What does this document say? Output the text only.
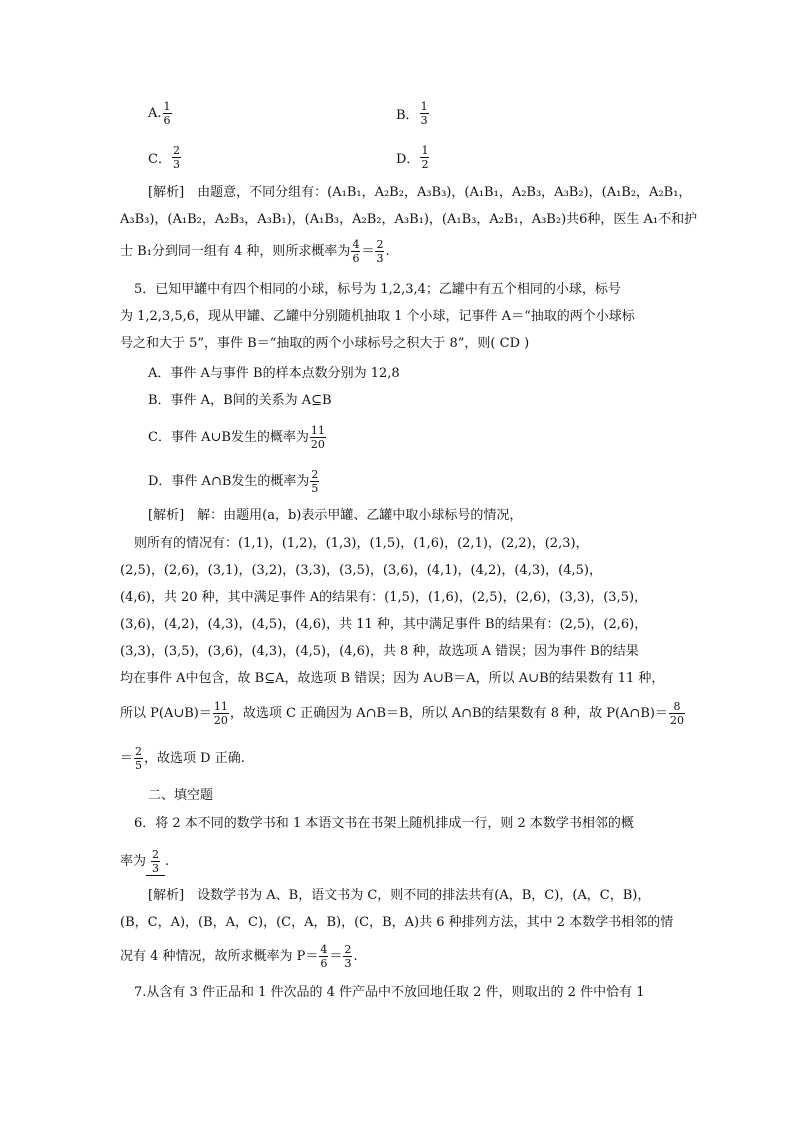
A. $\frac{1}{6}$	B． $\frac{1}{3}$
C． $\frac{2}{3}$	D． $\frac{1}{2}$
[解析]　由题意，不同分组有：(A₁B₁，A₂B₂，A₃B₃)，(A₁B₁，A₂B₃，A₃B₂)，(A₁B₂，A₂B₁，
A₃B₃)，(A₁B₂，A₂B₃，A₃B₁)，(A₁B₃，A₂B₂，A₃B₁)，(A₁B₃，A₂B₁，A₃B₂)共6种，医生 A₁不和护
士 B₁分到同一组有 4 种，则所求概率为 $\frac{4}{6} = \frac{2}{3}$ .
5．已知甲罐中有四个相同的小球，标号为 1,2,3,4；乙罐中有五个相同的小球，标号
为 1,2,3,5,6，现从甲罐、乙罐中分别随机抽取 1 个小球，记事件 A＝“抽取的两个小球标
号之和大于 5”，事件 B＝“抽取的两个小球标号之积大于 8”，则( CD )
A．事件 A与事件 B的样本点数分别为 12,8
B．事件 A，B间的关系为 A⊆B
C．事件 A∪B发生的概率为 $\frac{11}{20}$
D．事件 A∩B发生的概率为 $\frac{2}{5}$
[解析]　解：由题用(a，b)表示甲罐、乙罐中取小球标号的情况，
则所有的情况有：(1,1)，(1,2)，(1,3)，(1,5)，(1,6)，(2,1)，(2,2)，(2,3)，
(2,5)，(2,6)，(3,1)，(3,2)，(3,3)，(3,5)，(3,6)，(4,1)，(4,2)，(4,3)，(4,5)，
(4,6)，共 20 种，其中满足事件 A的结果有：(1,5)，(1,6)，(2,5)，(2,6)，(3,3)，(3,5)，
(3,6)，(4,2)，(4,3)，(4,5)，(4,6)，共 11 种，其中满足事件 B的结果有：(2,5)，(2,6)，
(3,3)，(3,5)，(3,6)，(4,3)，(4,5)，(4,6)，共 8 种，故选项 A 错误；因为事件 B的结果
均在事件 A中包含，故 B⊆A，故选项 B 错误；因为 A∪B＝A，所以 A∪B的结果数有 11 种，
所以 P(A∪B)＝ $\frac{11}{20}$ ，故选项 C 正确因为 A∩B＝B，所以 A∩B的结果数有 8 种，故 P(A∩B)＝ $\frac{8}{20}$
＝ $\frac{2}{5}$ ，故选项 D 正确.
二、填空题
6．将 2 本不同的数学书和 1 本语文书在书架上随机排成一行，则 2 本数学书相邻的概
率为 $\frac{2}{3}$ .
[解析]　设数学书为 A、B，语文书为 C，则不同的排法共有(A，B，C)，(A，C，B)，
(B，C，A)，(B，A，C)，(C，A，B)，(C，B，A)共 6 种排列方法，其中 2 本数学书相邻的情
况有 4 种情况，故所求概率为 $P= \frac{4}{6} = \frac{2}{3}$ .
7.从含有 3 件正品和 1 件次品的 4 件产品中不放回地任取 2 件，则取出的 2 件中恰有 1
